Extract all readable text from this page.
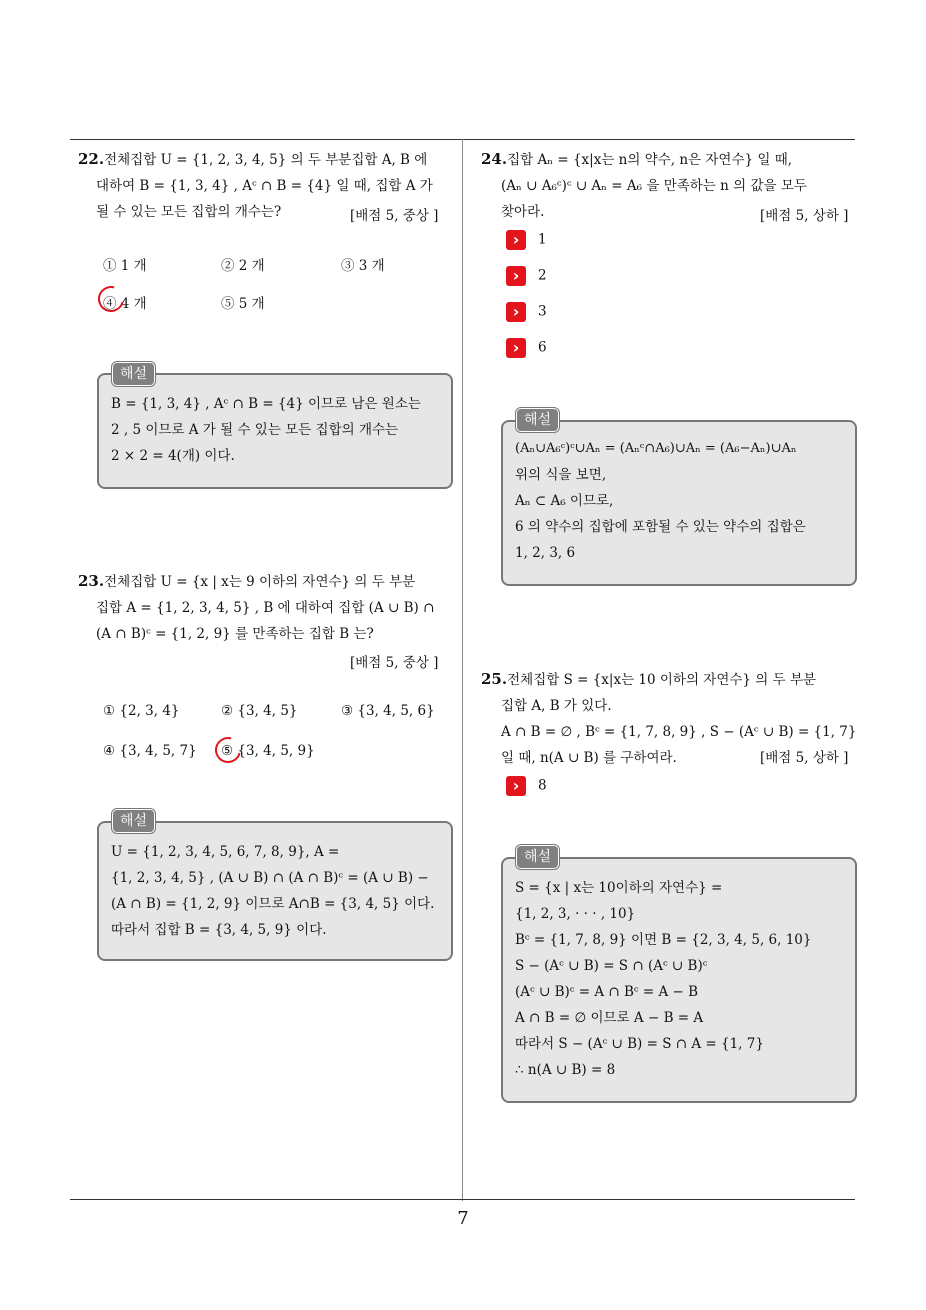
22.전체집합 U = {1, 2, 3, 4, 5} 의 두 부분집합 A, B 에
대하여 B = {1, 3, 4} , Aᶜ ∩ B = {4} 일 때, 집합 A 가
될 수 있는 모든 집합의 개수는?	[배점 5, 중상 ]
① 1 개	② 2 개	③ 3 개
④ 4 개	⑤ 5 개
B = {1, 3, 4} , Aᶜ ∩ B = {4} 이므로 남은 원소는
2 , 5 이므로 A 가 될 수 있는 모든 집합의 개수는
2 × 2 = 4(개) 이다.
해설
23.전체집합 U = {x | x는 9 이하의 자연수} 의 두 부분
집합 A = {1, 2, 3, 4, 5} , B 에 대하여 집합 (A ∪ B) ∩
(A ∩ B)ᶜ = {1, 2, 9} 를 만족하는 집합 B 는?
[배점 5, 중상 ]
① {2, 3, 4}	② {3, 4, 5}	③ {3, 4, 5, 6}
④ {3, 4, 5, 7} ⑤ {3, 4, 5, 9}
U = {1, 2, 3, 4, 5, 6, 7, 8, 9}, A =
{1, 2, 3, 4, 5} , (A ∪ B) ∩ (A ∩ B)ᶜ = (A ∪ B) −
(A ∩ B) = {1, 2, 9} 이므로 A∩B = {3, 4, 5} 이다.
따라서 집합 B = {3, 4, 5, 9} 이다.
해설
24.집합 Aₙ = {x|x는 n의 약수, n은 자연수} 일 때,
(Aₙ ∪ A₆ᶜ)ᶜ ∪ Aₙ = A₆ 을 만족하는 n 의 값을 모두
찾아라.	[배점 5, 상하 ]
› 1
› 2
› 3
› 6
(Aₙ∪A₆ᶜ)ᶜ∪Aₙ = (Aₙᶜ∩A₆)∪Aₙ = (A₆−Aₙ)∪Aₙ
위의 식을 보면,
Aₙ ⊂ A₆ 이므로,
6 의 약수의 집합에 포함될 수 있는 약수의 집합은
1, 2, 3, 6
해설
25.전체집합 S = {x|x는 10 이하의 자연수} 의 두 부분
집합 A, B 가 있다.
A ∩ B = ∅ , Bᶜ = {1, 7, 8, 9} , S − (Aᶜ ∪ B) = {1, 7}
일 때, n(A ∪ B) 를 구하여라.	[배점 5, 상하 ]
› 8
S = {x | x는 10이하의 자연수} =
{1, 2, 3, · · · , 10}
Bᶜ = {1, 7, 8, 9} 이면 B = {2, 3, 4, 5, 6, 10}
S − (Aᶜ ∪ B) = S ∩ (Aᶜ ∪ B)ᶜ
(Aᶜ ∪ B)ᶜ = A ∩ Bᶜ = A − B
A ∩ B = ∅ 이므로 A − B = A
따라서 S − (Aᶜ ∪ B) = S ∩ A = {1, 7}
∴ n(A ∪ B) = 8
해설
7
